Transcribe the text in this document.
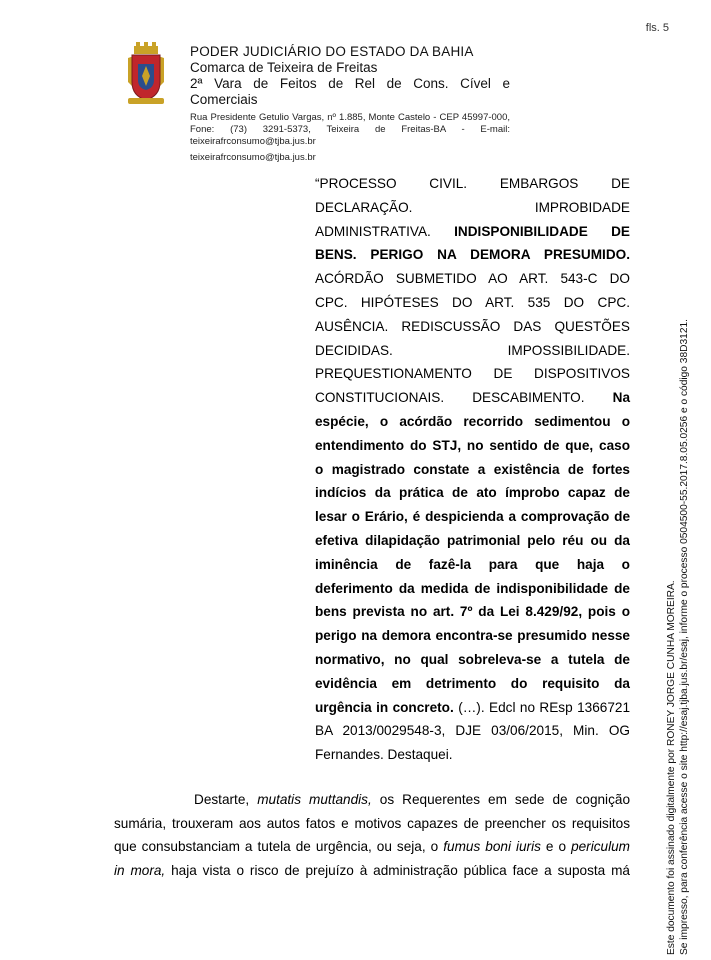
fls. 5
PODER JUDICIÁRIO DO ESTADO DA BAHIA
Comarca de Teixeira de Freitas
2ª Vara de Feitos de Rel de Cons. Cível e
Comerciais
Rua Presidente Getulio Vargas, nº 1.885, Monte Castelo - CEP 45997-000, Fone: (73) 3291-5373, Teixeira de Freitas-BA - E-mail: teixeirafrconsumo@tjba.jus.br
teixeirafrconsumo@tjba.jus.br
“PROCESSO CIVIL. EMBARGOS DE
DECLARAÇÃO. IMPROBIDADE
ADMINISTRATIVA. INDISPONIBILIDADE DE
BENS. PERIGO NA DEMORA PRESUMIDO.
ACÓRDÃO SUBMETIDO AO ART. 543-C DO
CPC. HIPÓTESES DO ART. 535 DO CPC.
AUSÊNCIA. REDISCUSSÃO DAS QUESTÕES
DECIDIDAS. IMPOSSIBILIDADE.
PREQUESTIONAMENTO DE DISPOSITIVOS
CONSTITUCIONAIS. DESCABIMENTO. Na
espécie, o acórdão recorrido sedimentou o
entendimento do STJ, no sentido de que, caso
o magistrado constate a existência de fortes
indícios da prática de ato ímprobo capaz de
lesar o Erário, é despicienda a comprovação de
efetiva dilapidação patrimonial pelo réu ou da
iminência de fazê-la para que haja o
deferimento da medida de indisponibilidade de
bens prevista no art. 7º da Lei 8.429/92, pois o
perigo na demora encontra-se presumido nesse
normativo, no qual sobreleva-se a tutela de
evidência em detrimento do requisito da
urgência in concreto. (…). Edcl no REsp 1366721
BA 2013/0029548-3, DJE 03/06/2015, Min. OG
Fernandes. Destaquei.
Destarte, mutatis muttandis, os Requerentes em sede de cognição
sumária, trouxeram aos autos fatos e motivos capazes de preencher os requisitos
que consubstanciam a tutela de urgência, ou seja, o fumus boni iuris e o periculum
in mora, haja vista o risco de prejuízo à administração pública face a suposta má	Este documento foi assinado digitalmente por RONEY JORGE CUNHA MOREIRA. Se impresso, para conferência acesse o site http://esaj.tjba.jus.br/esaj, informe o processo 0504500-55.2017.8.05.0256 e o código 38D3121.
